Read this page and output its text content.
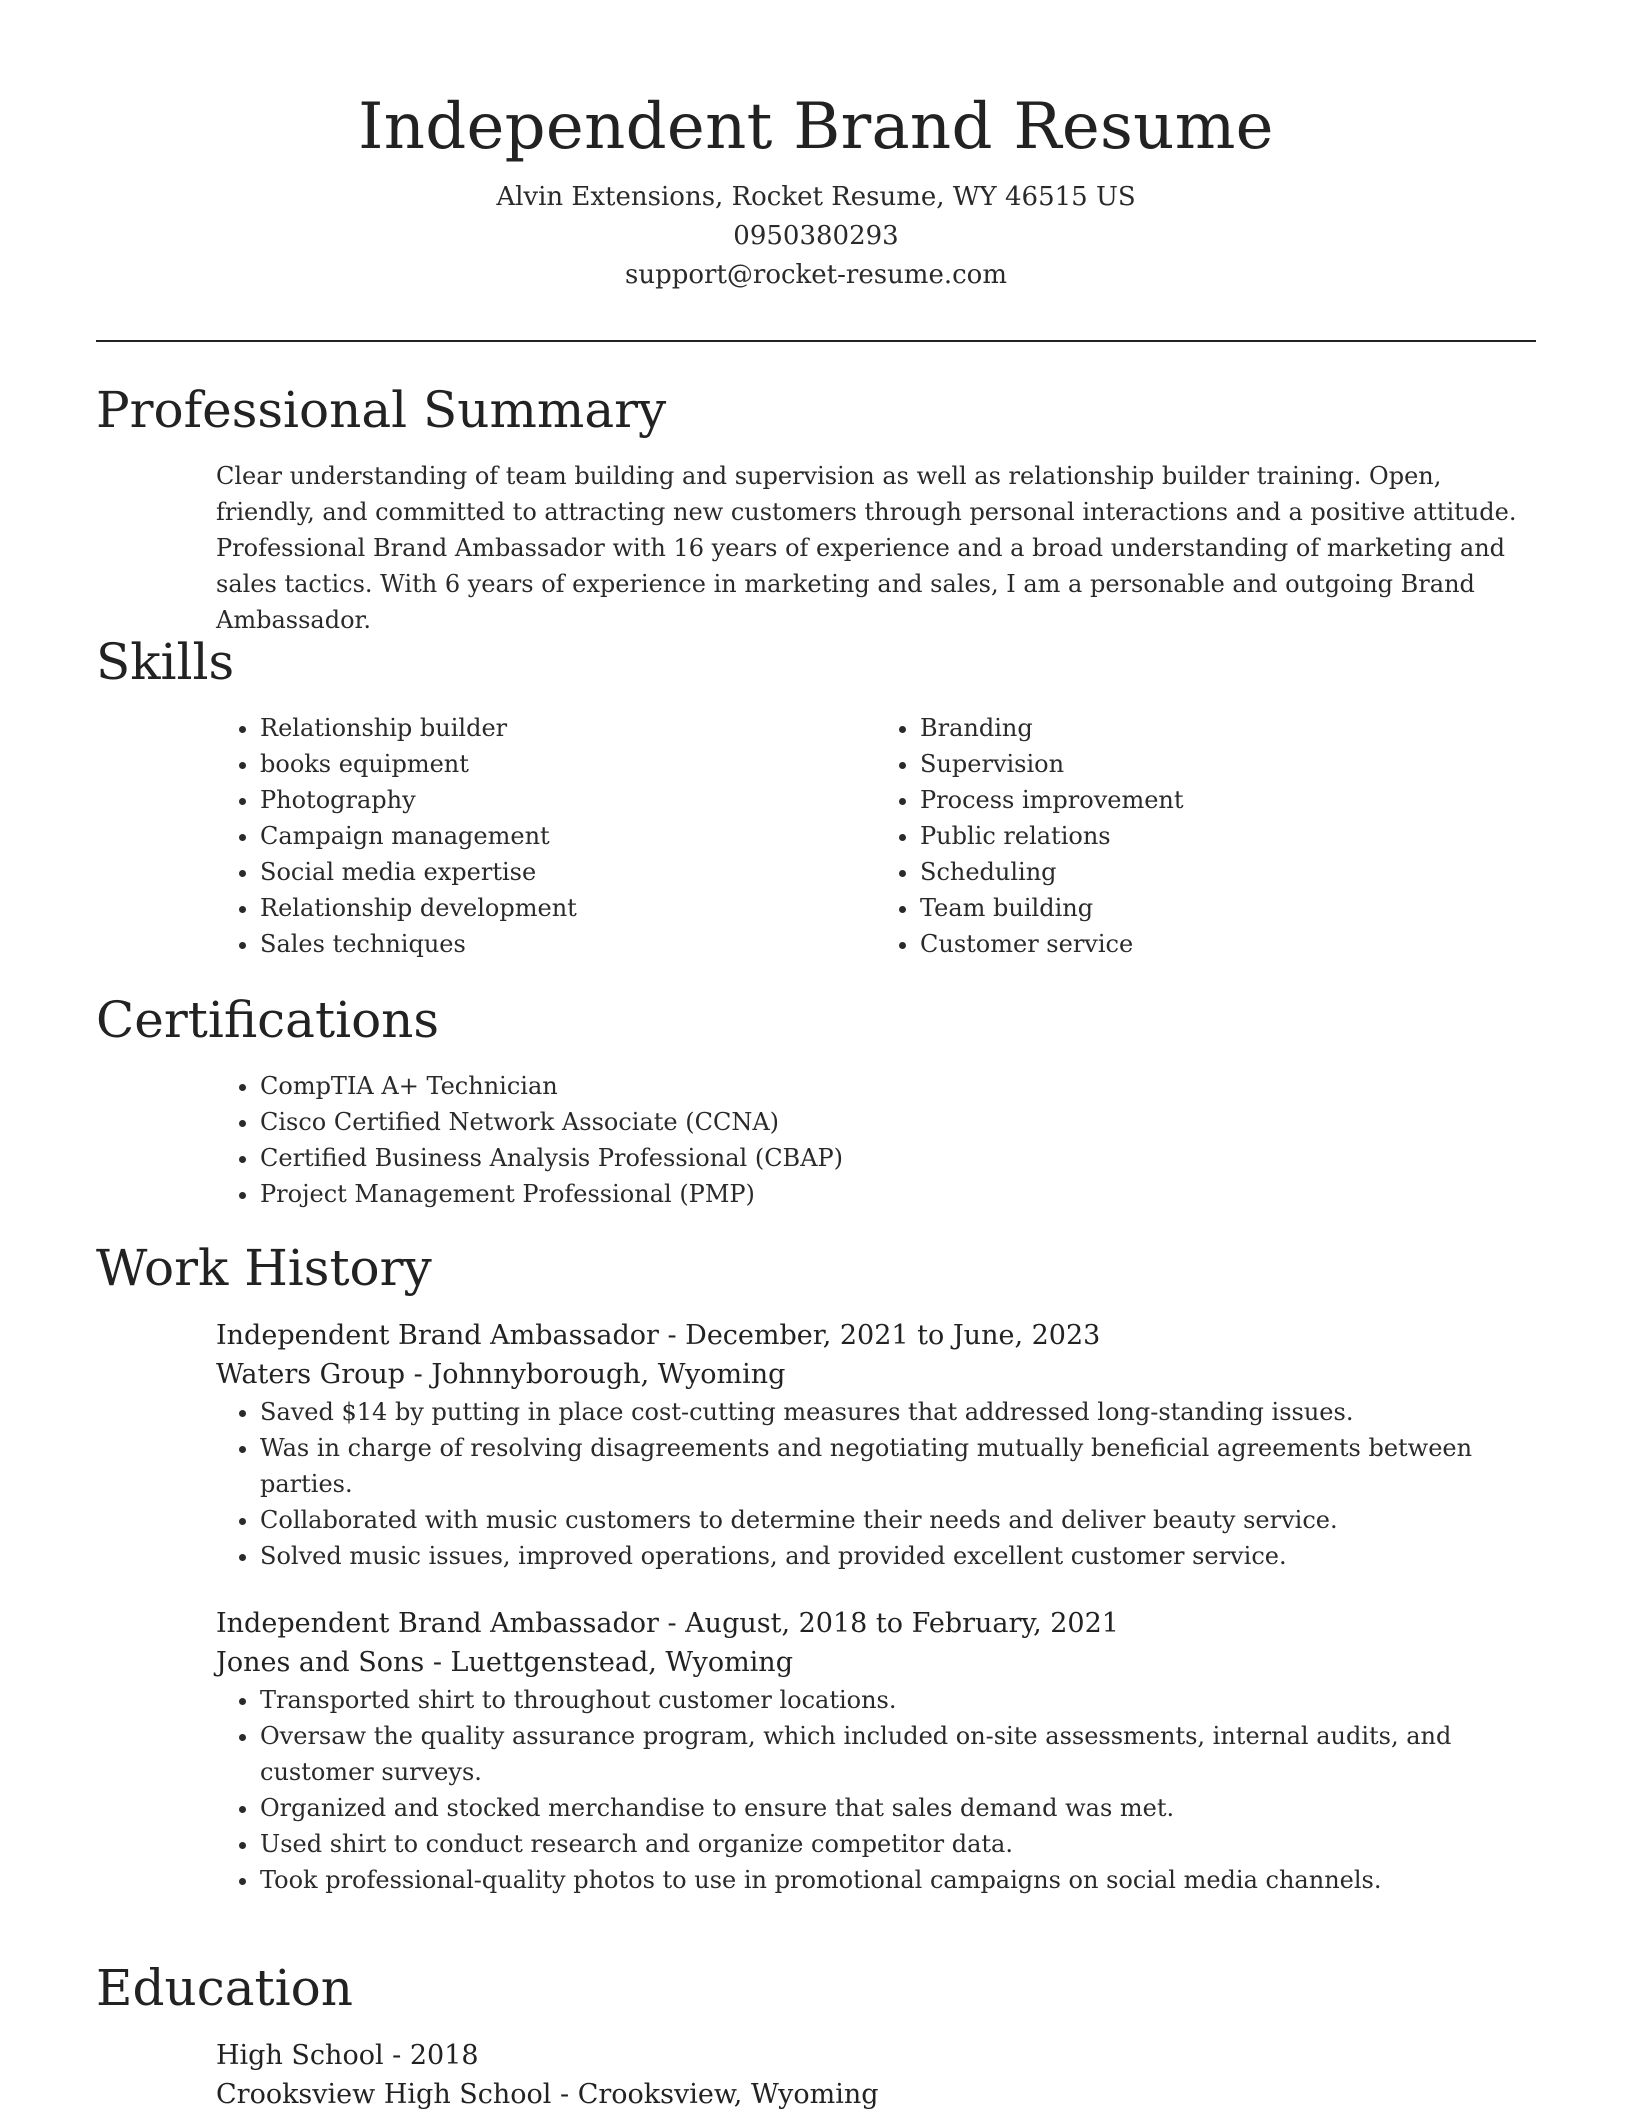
Independent Brand Resume
Alvin Extensions, Rocket Resume, WY 46515 US
0950380293
support@rocket-resume.com
Professional Summary
Clear understanding of team building and supervision as well as relationship builder training. Open, friendly, and committed to attracting new customers through personal interactions and a positive attitude. Professional Brand Ambassador with 16 years of experience and a broad understanding of marketing and sales tactics. With 6 years of experience in marketing and sales, I am a personable and outgoing Brand Ambassador.
Skills
• Relationship builder
• books equipment
• Photography
• Campaign management
• Social media expertise
• Relationship development
• Sales techniques
• Branding
• Supervision
• Process improvement
• Public relations
• Scheduling
• Team building
• Customer service
Certifications
• CompTIA A+ Technician
• Cisco Certified Network Associate (CCNA)
• Certified Business Analysis Professional (CBAP)
• Project Management Professional (PMP)
Work History
Independent Brand Ambassador - December, 2021 to June, 2023
Waters Group - Johnnyborough, Wyoming
• Saved $14 by putting in place cost-cutting measures that addressed long-standing issues.
• Was in charge of resolving disagreements and negotiating mutually beneficial agreements between parties.
• Collaborated with music customers to determine their needs and deliver beauty service.
• Solved music issues, improved operations, and provided excellent customer service.
Independent Brand Ambassador - August, 2018 to February, 2021
Jones and Sons - Luettgenstead, Wyoming
• Transported shirt to throughout customer locations.
• Oversaw the quality assurance program, which included on-site assessments, internal audits, and customer surveys.
• Organized and stocked merchandise to ensure that sales demand was met.
• Used shirt to conduct research and organize competitor data.
• Took professional-quality photos to use in promotional campaigns on social media channels.
Education
High School - 2018
Crooksview High School - Crooksview, Wyoming
